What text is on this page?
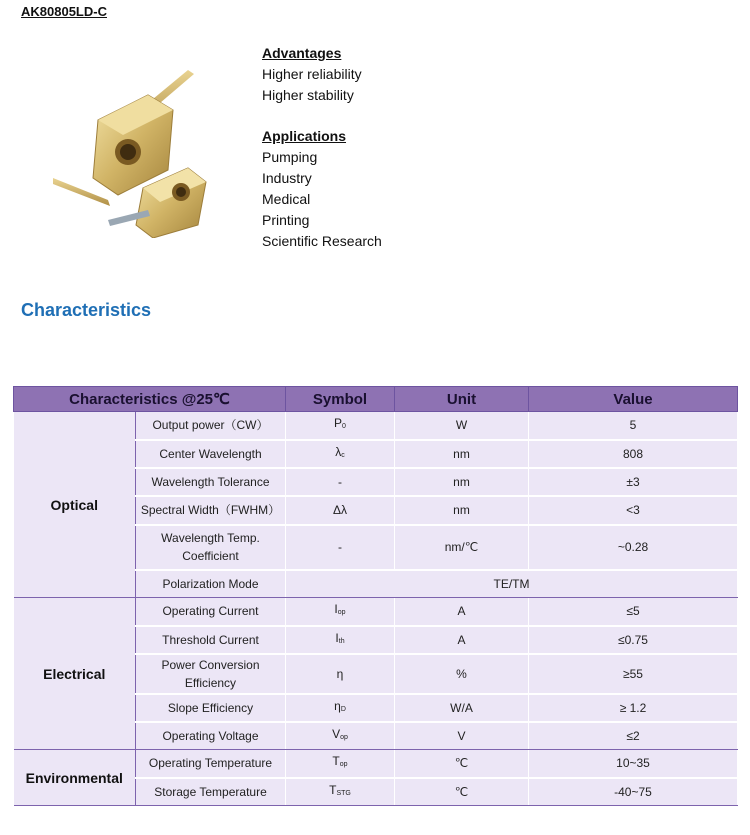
AK80805LD-C
Advantages
Higher reliability
Higher stability
Applications
Pumping
Industry
Medical
Printing
Scientific Research
Characteristics
Characteristics @25℃		Symbol	Unit	Value
Optical	Output power（CW）	P0	W	5
	Center Wavelength	λc	nm	808
	Wavelength Tolerance	-	nm	±3
	Spectral Width（FWHM）	Δλ	nm	<3
	Wavelength Temp. Coefficient	-	nm/℃	~0.28
	Polarization Mode	TE/TM		
Electrical	Operating Current	Iop	A	≤5
	Threshold Current	Ith	A	≤0.75
	Power Conversion Efficiency	η	%	≥55
	Slope Efficiency	ηD	W/A	≥ 1.2
	Operating Voltage	Vop	V	≤2
Environmental	Operating Temperature	Top	℃	10~35
	Storage Temperature	TSTG	℃	-40~75
